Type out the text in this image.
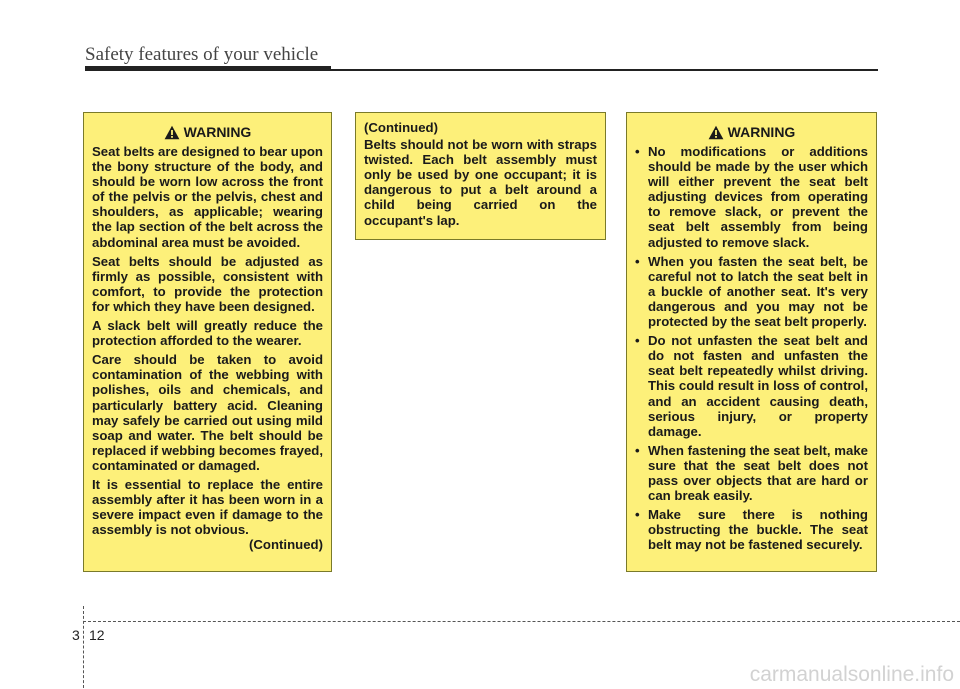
Safety features of your vehicle
WARNING

Seat belts are designed to bear upon the bony structure of the body, and should be worn low across the front of the pelvis or the pelvis, chest and shoulders, as applicable; wearing the lap section of the belt across the abdominal area must be avoided.

Seat belts should be adjusted as firmly as possible, consistent with comfort, to provide the protection for which they have been designed.

A slack belt will greatly reduce the protection afforded to the wearer.

Care should be taken to avoid contamination of the webbing with polishes, oils and chemicals, and particularly battery acid. Cleaning may safely be carried out using mild soap and water. The belt should be replaced if webbing becomes frayed, contaminated or damaged.

It is essential to replace the entire assembly after it has been worn in a severe impact even if damage to the assembly is not obvious.

(Continued)

(Continued)

Belts should not be worn with straps twisted. Each belt assembly must only be used by one occupant; it is dangerous to put a belt around a child being carried on the occupant's lap.

WARNING
• No modifications or additions should be made by the user which will either prevent the seat belt adjusting devices from operating to remove slack, or prevent the seat belt assembly from being adjusted to remove slack.
• When you fasten the seat belt, be careful not to latch the seat belt in a buckle of another seat. It's very dangerous and you may not be protected by the seat belt properly.
• Do not unfasten the seat belt and do not fasten and unfasten the seat belt repeatedly whilst driving. This could result in loss of control, and an accident causing death, serious injury, or property damage.
• When fastening the seat belt, make sure that the seat belt does not pass over objects that are hard or can break easily.
• Make sure there is nothing obstructing the buckle. The seat belt may not be fastened securely.
3 12
carmanualsonline.info
